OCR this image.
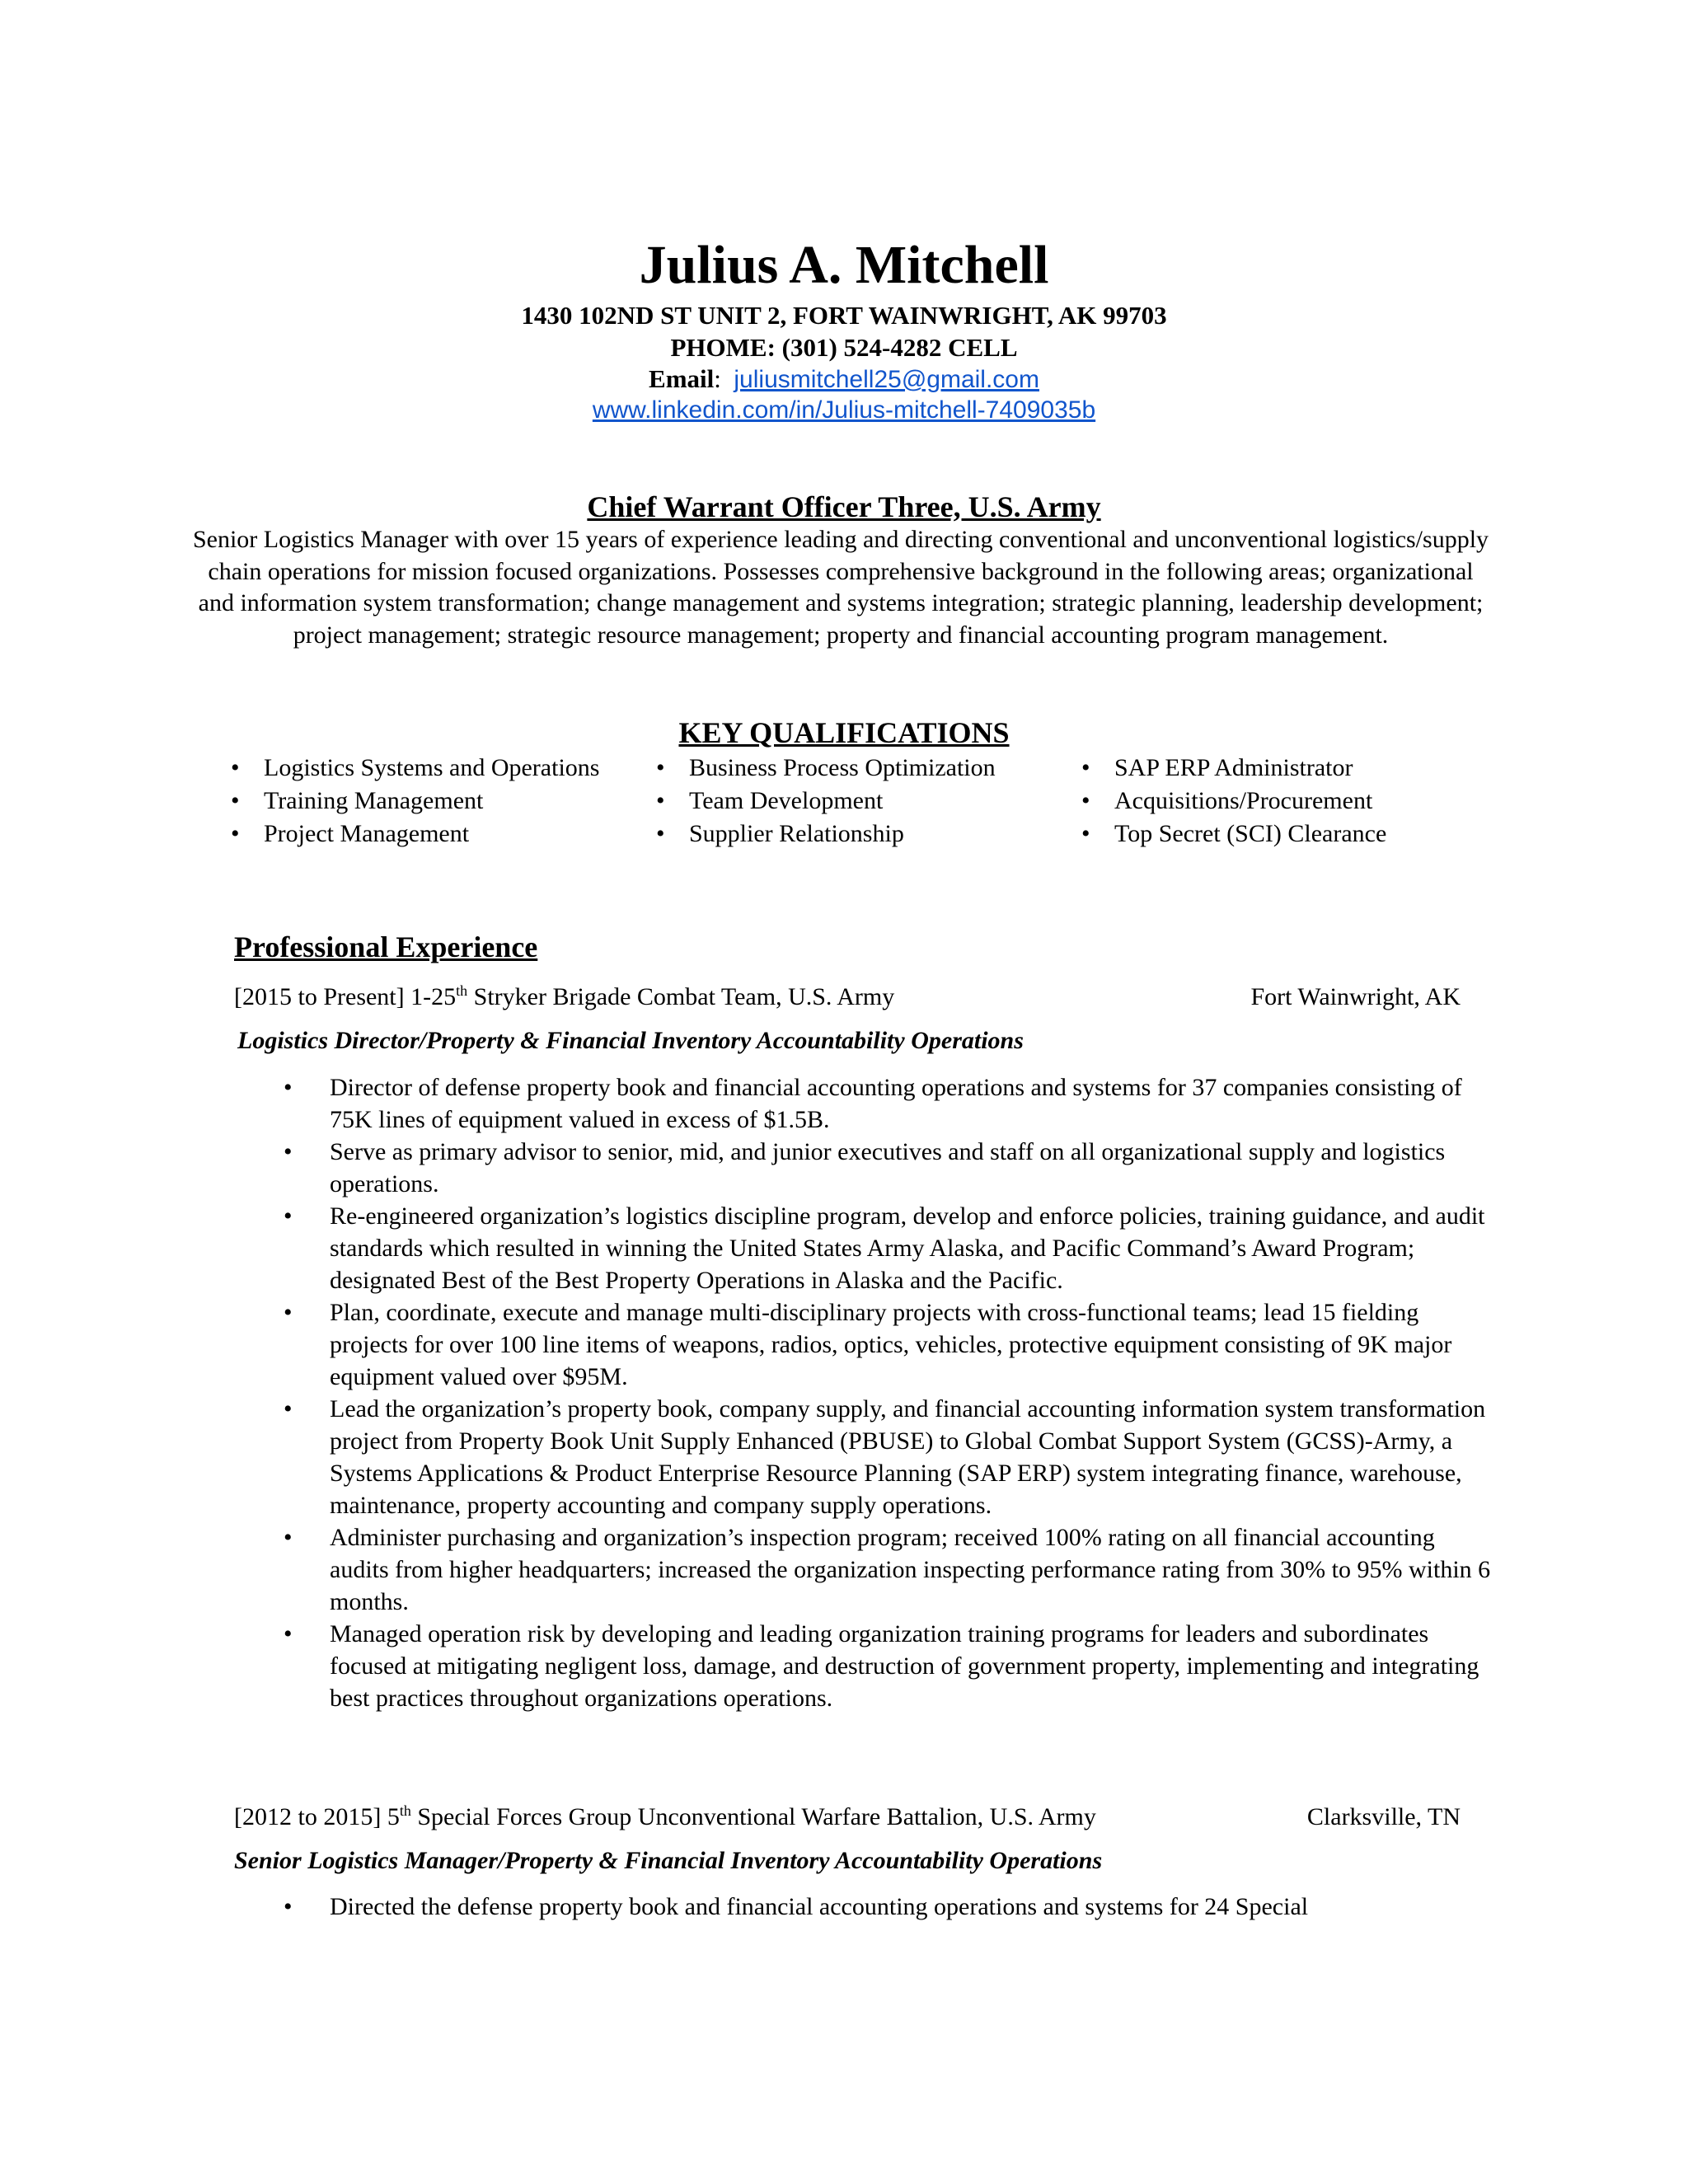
Julius A. Mitchell
1430 102ND ST UNIT 2, FORT WAINWRIGHT, AK 99703
PHOME: (301) 524-4282 CELL
Email:  juliusmitchell25@gmail.com
www.linkedin.com/in/Julius-mitchell-7409035b
Chief Warrant Officer Three, U.S. Army
Senior Logistics Manager with over 15 years of experience leading and directing conventional and unconventional logistics/supply chain operations for mission focused organizations. Possesses comprehensive background in the following areas; organizational and information system transformation; change management and systems integration; strategic planning, leadership development; project management; strategic resource management; property and financial accounting program management.
KEY QUALIFICATIONS
• Logistics Systems and Operations
• Training Management
• Project Management
• Business Process Optimization
• Team Development
• Supplier Relationship
• SAP ERP Administrator
• Acquisitions/Procurement
• Top Secret (SCI) Clearance
Professional Experience
[2015 to Present] 1-25th Stryker Brigade Combat Team, U.S. Army	Fort Wainwright, AK
Logistics Director/Property & Financial Inventory Accountability Operations
• Director of defense property book and financial accounting operations and systems for 37 companies consisting of 75K lines of equipment valued in excess of $1.5B.
• Serve as primary advisor to senior, mid, and junior executives and staff on all organizational supply and logistics operations.
• Re-engineered organization’s logistics discipline program, develop and enforce policies, training guidance, and audit standards which resulted in winning the United States Army Alaska, and Pacific Command’s Award Program; designated Best of the Best Property Operations in Alaska and the Pacific.
• Plan, coordinate, execute and manage multi-disciplinary projects with cross-functional teams; lead 15 fielding projects for over 100 line items of weapons, radios, optics, vehicles, protective equipment consisting of 9K major equipment valued over $95M.
• Lead the organization’s property book, company supply, and financial accounting information system transformation project from Property Book Unit Supply Enhanced (PBUSE) to Global Combat Support System (GCSS)-Army, a Systems Applications & Product Enterprise Resource Planning (SAP ERP) system integrating finance, warehouse, maintenance, property accounting and company supply operations.
• Administer purchasing and organization’s inspection program; received 100% rating on all financial accounting audits from higher headquarters; increased the organization inspecting performance rating from 30% to 95% within 6 months.
• Managed operation risk by developing and leading organization training programs for leaders and subordinates focused at mitigating negligent loss, damage, and destruction of government property, implementing and integrating best practices throughout organizations operations.
[2012 to 2015] 5th Special Forces Group Unconventional Warfare Battalion, U.S. Army	Clarksville, TN
Senior Logistics Manager/Property & Financial Inventory Accountability Operations
• Directed the defense property book and financial accounting operations and systems for 24 Special
